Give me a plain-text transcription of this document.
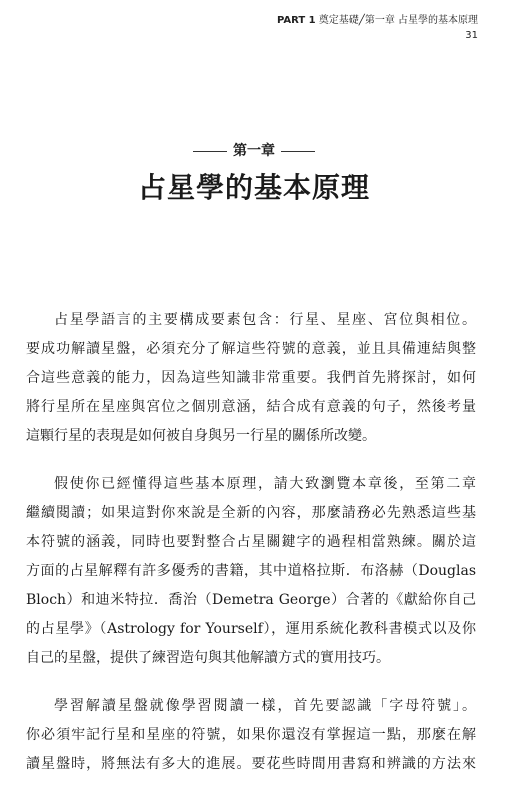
PART 1 奠定基礎╱第一章 占星學的基本原理
31
第一章
占星學的基本原理
占星學語言的主要構成要素包含：行星、星座、宮位與相位。
要成功解讀星盤，必須充分了解這些符號的意義，並且具備連結與整
合這些意義的能力，因為這些知識非常重要。我們首先將探討，如何
將行星所在星座與宮位之個別意涵，結合成有意義的句子，然後考量
這顆行星的表現是如何被自身與另一行星的關係所改變。
假使你已經懂得這些基本原理，請大致瀏覽本章後，至第二章
繼續閱讀；如果這對你來說是全新的內容，那麼請務必先熟悉這些基
本符號的涵義，同時也要對整合占星關鍵字的過程相當熟練。關於這
方面的占星解釋有許多優秀的書籍，其中道格拉斯．布洛赫（Douglas
Bloch）和迪米特拉．喬治（Demetra George）合著的《獻給你自己
的占星學》（Astrology for Yourself），運用系統化教科書模式以及你
自己的星盤，提供了練習造句與其他解讀方式的實用技巧。
學習解讀星盤就像學習閱讀一樣，首先要認識「字母符號」。
你必須牢記行星和星座的符號，如果你還沒有掌握這一點，那麼在解
讀星盤時，將無法有多大的進展。要花些時間用書寫和辨識的方法來
